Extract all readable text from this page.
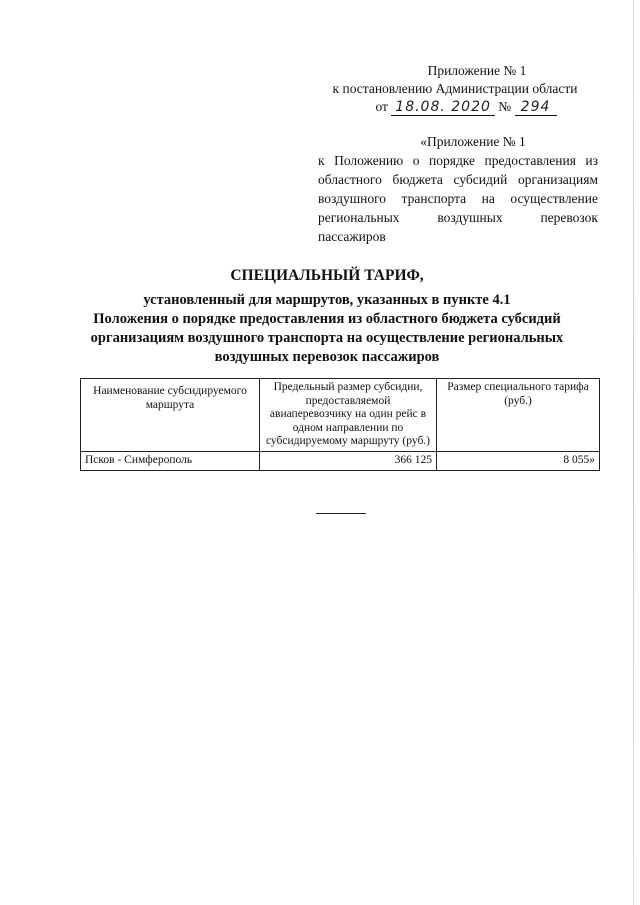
Приложение № 1
к постановлению Администрации области
от 18.08. 2020 № 294
«Приложение № 1
к Положению о порядке предоставления из областного бюджета субсидий организациям воздушного транспорта на осуществление региональных воздушных перевозок пассажиров
СПЕЦИАЛЬНЫЙ ТАРИФ,
установленный для маршрутов, указанных в пункте 4.1
Положения о порядке предоставления из областного бюджета субсидий
организациям воздушного транспорта на осуществление региональных
воздушных перевозок пассажиров
Наименование субсидируемого маршрута	Предельный размер субсидии, предоставляемой авиаперевозчику на один рейс в одном направлении по субсидируемому маршруту (руб.)	Размер специального тарифа (руб.)
Псков - Симферополь	366 125	8 055»
